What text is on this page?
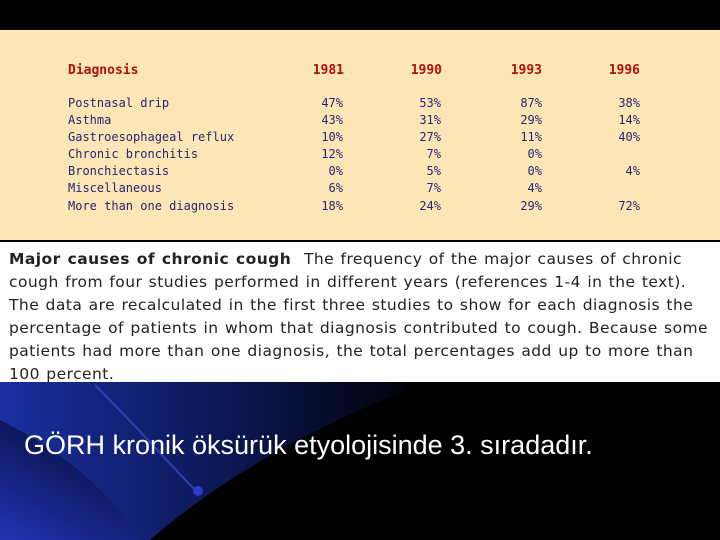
Diagnosis	1981	1990	1993	1996
Postnasal drip	47%	53%	87%	38%
Asthma	43%	31%	29%	14%
Gastroesophageal reflux	10%	27%	11%	40%
Chronic bronchitis	12%	7%	0%
Bronchiectasis	0%	5%	0%	4%
Miscellaneous	6%	7%	4%
More than one diagnosis	18%	24%	29%	72%

Major causes of chronic cough The frequency of the major causes of chronic cough from four studies performed in different years (references 1-4 in the text). The data are recalculated in the first three studies to show for each diagnosis the percentage of patients in whom that diagnosis contributed to cough. Because some patients had more than one diagnosis, the total percentages add up to more than 100 percent.

GÖRH kronik öksürük etyolojisinde 3. sıradadır.
